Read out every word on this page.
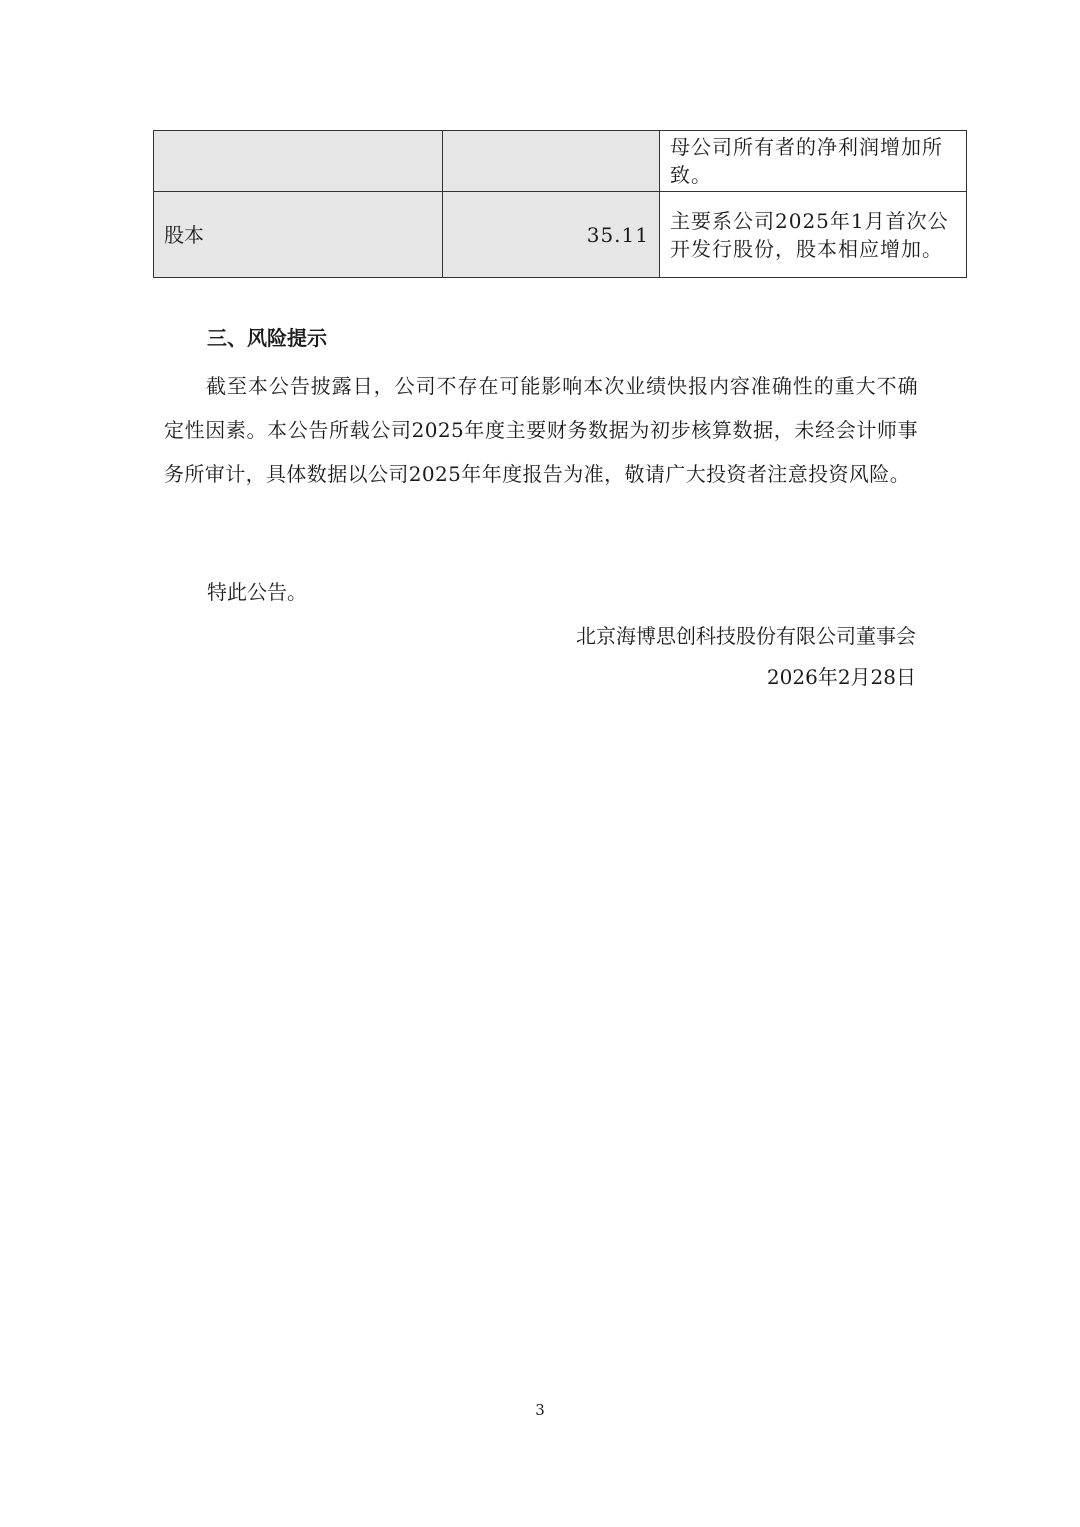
		母公司所有者的净利润增加所致。
股本	35.11	主要系公司2025年1月首次公开发行股份，股本相应增加。
三、风险提示

截至本公告披露日，公司不存在可能影响本次业绩快报内容准确性的重大不确定性因素。本公告所载公司2025年度主要财务数据为初步核算数据，未经会计师事务所审计，具体数据以公司2025年年度报告为准，敬请广大投资者注意投资风险。

特此公告。
北京海博思创科技股份有限公司董事会
2026年2月28日
3
